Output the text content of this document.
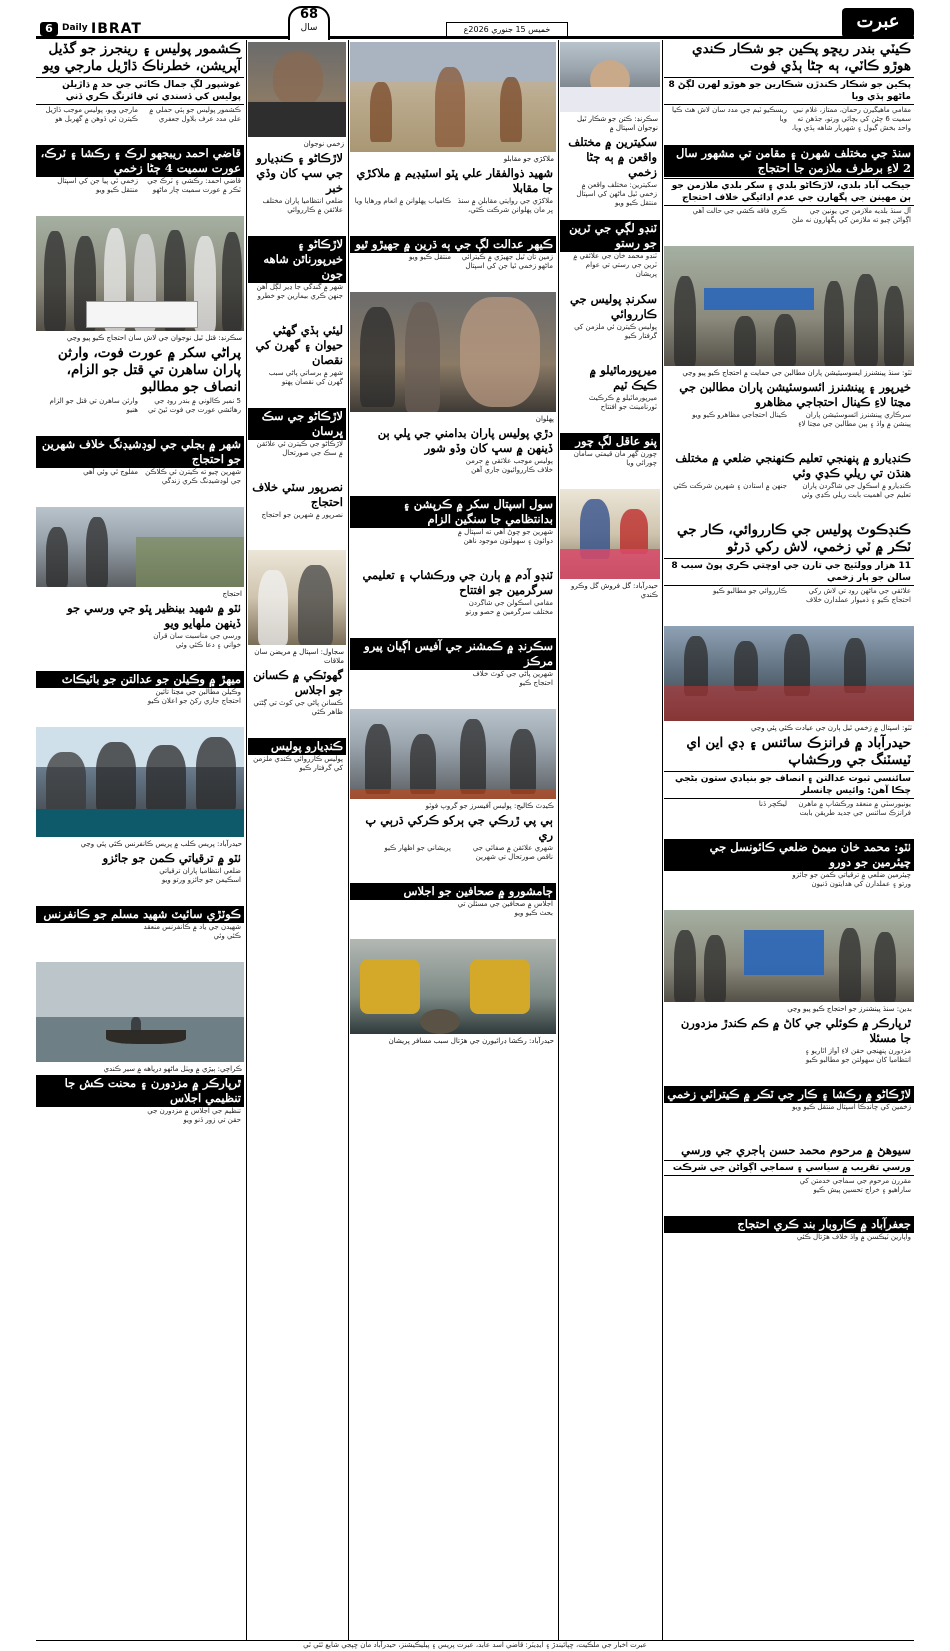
6	Daily IBRAT
68
سال	خميس 15 جنوري 2026ع	عبرت
ڪيٽي بندر ريڇو پڪين جو شڪار ڪندي هوڙو ڪاٽي، ٻه ڄڻا ٻڏي فوت
پڪين جو شڪار ڪندڙن شڪارين جو هوڙو لهرن لڳڻ 8 ماڻهو ٻڏي ويا
مقامي ماهيگيرن رحمان، ممتاز، غلام نبي سميت 6 ڄڻن کي بچائي ورتو، جڏهن ته واحد بخش گبول ۽ شهريار شاهه ٻڏي ويا، ريسڪيو ٽيم جي مدد سان لاش هٿ ڪيا ويا
سنڌ جي مختلف شهرن ۽ مقامن تي مشهور سال 2 لاءِ برطرف ملازمن جا احتجاج
جيڪب آباد بلدي، لاڙڪاڻو بلدي ۽ سکر بلدي ملازمن جو ٻن مهينن جي پگهارن جي عدم ادائيگي خلاف احتجاج
آل سنڌ بلديه ملازمن جي يونين جي اڳواڻن چيو ته ملازمن کي پگهارون نه ملڻ ڪري فاقه ڪشي جي حالت آهي
ٺٽو: سنڌ پينشنرز ايسوسيئيشن پاران مطالبن جي حمايت ۾ احتجاج ڪيو پيو وڃي
خيرپور ۽ پينشنرز ائسوسئيشن پاران مطالبن جي مڃتا لاءِ ڪينال احتجاجي مظاهرو
سرڪاري پينشنرز ائسوسئيشن پاران پينشن ۾ واڌ ۽ ٻين مطالبن جي مڃتا لاءِ ڪينال احتجاجي مظاهرو ڪيو ويو
ڪنڊيارو ۾ پنهنجي تعليم ڪنهنجي ضلعي ۾ مختلف هنڌن تي ريلي ڪڍي وئي
ڪنڊيارو ۾ اسڪول جي شاگردن پاران تعليم جي اهميت بابت ريلي ڪڍي وئي جنهن ۾ استادن ۽ شهرين شرڪت ڪئي
ڪنڊڪوٽ پوليس جي ڪارروائي، ڪار جي ٽڪر ۾ ٽي زخمي، لاش رکي ڌرڻو
11 هزار وولٽيج جي تارن جي اوچتي ڪري پوڻ سبب 8 سالن جو ٻار زخمي
علائقي جي ماڻهن روڊ تي لاش رکي احتجاج ڪيو ۽ ذميوار عملدارن خلاف ڪارروائي جو مطالبو ڪيو
ٺٽو: اسپتال ۾ زخمي ٿيل ٻارن جي عيادت ڪئي پئي وڃي
حيدرآباد ۾ فرانزڪ سائنس ۽ ڊي اين اي ٽيسٽنگ جي ورڪشاپ
سائنسي ثبوت عدالتن ۽ انصاف جو بنيادي ستون بڻجي چڪا آهن: وائيس چانسلر
يونيورسٽي ۾ منعقد ورڪشاپ ۾ ماهرن فرانزڪ سائنس جي جديد طريقن بابت ليڪچر ڏنا
ٺٽو: محمد خان ميمڻ ضلعي ڪائونسل جي چيئرمين جو دورو
چيئرمين ضلعي ۾ ترقياتي ڪمن جو جائزو ورتو ۽ عملدارن کي هدايتون ڏنيون
بدين: سنڌ پينشنرز جو احتجاج ڪيو پيو وڃي
ٿرپارڪر ۾ ڪوئلي جي کاڻ ۾ ڪم ڪندڙ مزدورن جا مسئلا
مزدورن پنهنجي حقن لاءِ آواز اٿاريو ۽ انتظاميا کان سهولتن جو مطالبو ڪيو
لاڙڪاڻو ۾ رڪشا ۽ ڪار جي ٽڪر ۾ ڪيترائي زخمي
زخمين کي چانڊڪا اسپتال منتقل ڪيو ويو
سيوهڻ ۾ مرحوم محمد حسن ٻاجري جي ورسي
ورسي تقريب ۾ سياسي ۽ سماجي اڳواڻن جي شرڪت
مقررن مرحوم جي سماجي خدمتن کي ساراهيو ۽ خراج تحسين پيش ڪيو
جعفرآباد ۾ ڪاروبار بند ڪري احتجاج
واپارين ٽيڪسن ۾ واڌ خلاف هڙتال ڪئي
سڪرنڊ: ڪتن جو شڪار ٿيل نوجوان اسپتال ۾
سکيترين ۾ مختلف واقعن ۾ ٻه ڄڻا زخمي
سکيترين: مختلف واقعن ۾ زخمي ٿيل ماڻهن کي اسپتال منتقل ڪيو ويو
ٽنڊو لڳي جي ٽرين جو رستو
ٽنڊو محمد خان جي علائقي ۾ ٽرين جي رستي تي عوام پريشان
سکرنڊ پوليس جي ڪارروائي
پوليس ڪيترن ئي ملزمن کي گرفتار ڪيو
ميرپورماٿيلو ۾ ڪيڪ ٽيم
ميرپورماٿيلو ۾ ڪرڪيٽ ٽورنامينٽ جو افتتاح
پنو عاقل لڳ چور
چورن گهر مان قيمتي سامان چورائي ويا
حيدرآباد: گل فروش گل وڪرو ڪندي
ملاکڙي جو مقابلو
شهيد ذوالفقار علي ڀٽو اسٽيڊيم ۾ ملاکڙي جا مقابلا
ملاکڙي جي روايتي مقابلن ۾ سنڌ ڀر مان پهلوانن شرڪت ڪئي، ڪامياب پهلوانن ۾ انعام ورهايا ويا
ڪيهر عدالت لڳ جي ٻه ڌرين ۾ جهيڙو ٿيو
زمين تان ٿيل جهيڙي ۾ ڪيترائي ماڻهو زخمي ٿيا جن کي اسپتال منتقل ڪيو ويو
پهلوان
دڙي پوليس پاران بدامني جي ڀلي ٻن ڏينهن ۾ سڀ کان وڏو شور
پوليس موجب علائقي ۾ جرمن خلاف ڪارروائيون جاري آهن
سول اسپتال سکر ۾ ڪرپشن ۽ بدانتظامي جا سنگين الزام
شهرين جو چوڻ آهي ته اسپتال ۾ دوائون ۽ سهولتون موجود ناهن
ٽنڊو آدم ۾ ٻارن جي ورڪشاپ ۽ تعليمي سرگرمين جو افتتاح
مقامي اسڪولن جي شاگردن مختلف سرگرمين ۾ حصو ورتو
سڪرنڊ ۾ ڪمشنر جي آفيس اڳيان پيرو مرڪز
شهرين پاڻي جي کوٽ خلاف احتجاج ڪيو
ڪيڊٽ ڪاليج: پوليس آفيسرز جو گروپ فوٽو
ٻي پي ڙرڪي جي ٻرکو ڪرکي ڌرٻي پ ري
شهري علائقن ۾ صفائي جي ناقص صورتحال تي شهرين پريشاني جو اظهار ڪيو
ڄامشورو ۾ صحافين جو اجلاس
اجلاس ۾ صحافين جي مسئلن تي بحث ڪيو ويو
حيدرآباد: رڪشا ڊرائيورن جي هڙتال سبب مسافر پريشان
زخمي نوجوان
لاڙڪاڻو ۽ ڪنڊيارو جي سڀ کان وڏي خبر
ضلعي انتظاميا پاران مختلف علائقن ۾ ڪارروائي
لاڙڪاڻو ۽ خيرپورناٿن شاهه جون
شهر ۾ گندگي جا ڍير لڳل آهن جنهن ڪري بيمارين جو خطرو
ليئي ٻڏي گهڻي حيوان ۽ گهرن کي نقصان
شهر ۾ برساتي پاڻي سبب گهرن کي نقصان پهتو
لاڙڪاڻو جي سڪ ڀرسان
لاڙڪاڻو جي ڪيترن ئي علائقن ۾ سڪ جي صورتحال
نصرپور سٽي خلاف احتجاج
نصرپور ۾ شهرين جو احتجاج
سجاول: اسپتال ۾ مريضن سان ملاقات
گهوٽڪي ۾ ڪسانن جو اجلاس
ڪسانن پاڻي جي کوٽ تي ڳڻتي ظاهر ڪئي
ڪنڊيارو پوليس
پوليس ڪارروائي ڪندي ملزمن کي گرفتار ڪيو
ڪشمور پوليس ۽ رينجرز جو گڏيل آپريشن، خطرناڪ ڌاڙيل مارجي ويو
غوشپور لڳ جمال ڪاٽي جي حد ۾ ڌاڙيلن پوليس کي ڏسندي ئي فائرنگ ڪري ڏني
ڪشمور پوليس جو ٻئي حملي ۾ علي مدد عرف بلاول جعفري مارجي ويو، پوليس موجب ڌاڙيل ڪيترن ئي ڏوهن ۾ گهربل هو
قاضي احمد ريبجهو لرڪ ۽ رڪشا ۽ ٽرڪ، عورت سميت 4 ڄڻا زخمي
قاضي احمد: رڪشي ۽ ٽرڪ جي ٽڪر ۾ عورت سميت چار ماڻهو زخمي ٿي پيا جن کي اسپتال منتقل ڪيو ويو
سڪرنڊ: قتل ٿيل نوجوان جي لاش سان احتجاج ڪيو پيو وڃي
پراڻي سکر ۾ عورت فوت، وارثن پاران ساهرن تي قتل جو الزام، انصاف جو مطالبو
5 نمبر ڪالوني ۾ بندر روڊ جي رهائشي عورت جي فوت ٿيڻ تي وارثن ساهرن تي قتل جو الزام هنيو
شهر ۾ بجلي جي لوڊشيڊنگ خلاف شهرين جو احتجاج
شهرين چيو ته ڪيترن ئي ڪلاڪن جي لوڊشيڊنگ ڪري زندگي مفلوج ٿي وئي آهي
احتجاج
ٺٽو ۾ شهيد بينظير ڀٽو جي ورسي جو ڏينهن ملهايو ويو
ورسي جي مناسبت سان قرآن خواني ۽ دعا ڪئي وئي
ميهڙ ۾ وڪيلن جو عدالتن جو بائيڪاٽ
وڪيلن مطالبن جي مڃتا تائين احتجاج جاري رکڻ جو اعلان ڪيو
حيدرآباد: پريس ڪلب ۾ پريس ڪانفرنس ڪئي پئي وڃي
ٺٽو ۾ ترقياتي ڪمن جو جائزو
ضلعي انتظاميا پاران ترقياتي اسڪيمن جو جائزو ورتو ويو
ڪوٽڙي سائيٽ شهيد مسلم جو ڪانفرنس
شهيدن جي ياد ۾ ڪانفرنس منعقد ڪئي وئي
ڪراچي: ٻيڙي ۾ ويٺل ماڻهو درياهه ۾ سير ڪندي
ٿرپارڪر ۾ مزدورن ۽ محنت ڪش جا تنظيمي اجلاس
تنظيم جي اجلاس ۾ مزدورن جي حقن تي زور ڏنو ويو
عبرت اخبار جي ملڪيت، ڇپائيندڙ ۽ ايڊيٽر: قاضي اسد عابد، عبرت پريس ۽ پبليڪيشنز، حيدرآباد مان ڇپجي شايع ٿئي ٿي
